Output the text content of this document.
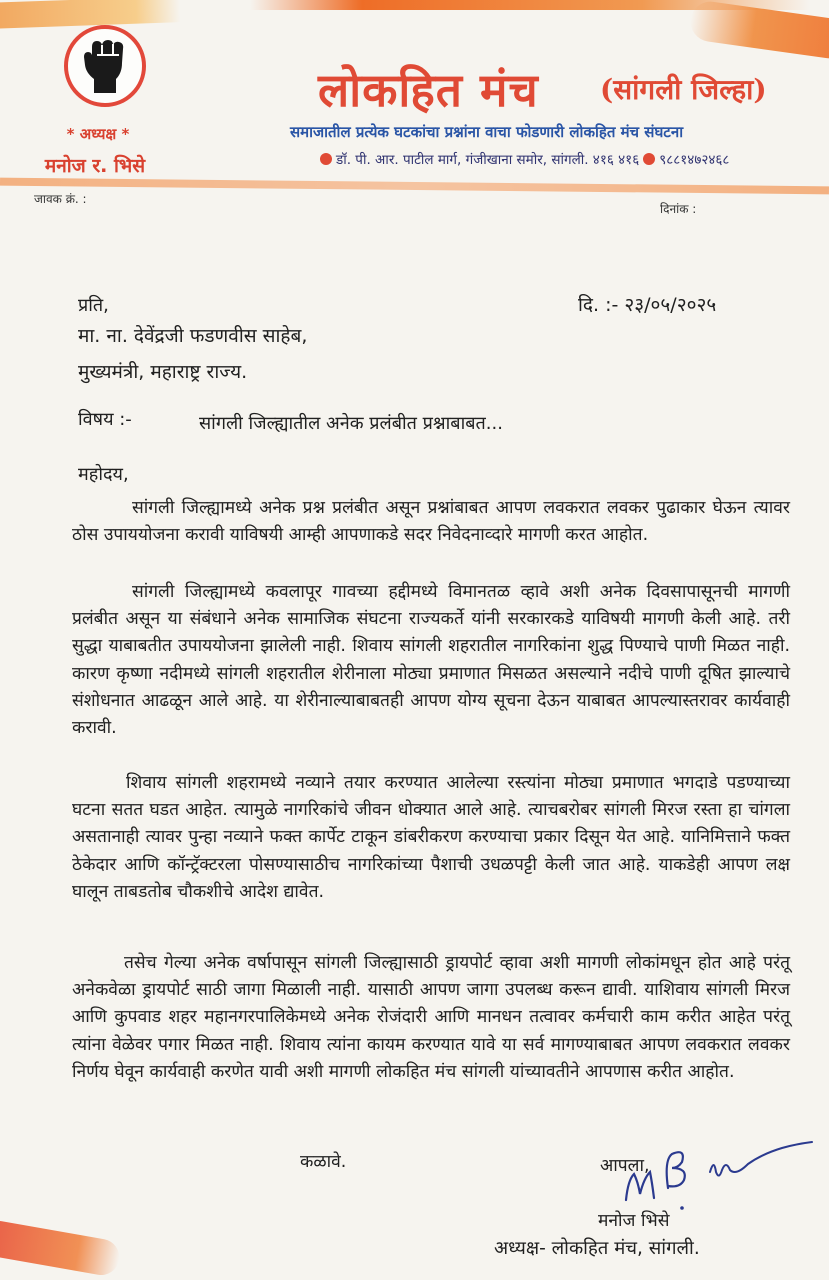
* अध्यक्ष *
मनोज र. भिसे
लोकहित मंच (सांगली जिल्हा)
समाजातील प्रत्येक घटकांचा प्रश्नांना वाचा फोडणारी लोकहित मंच संघटना
डॉ. पी. आर. पाटील मार्ग, गंजीखाना समोर, सांगली. ४१६ ४१६ ९८८१४७२४६८
जावक क्रं. :
दिनांक :
प्रति,	दि. :- २३/०५/२०२५
मा. ना. देवेंद्रजी फडणवीस साहेब,
मुख्यमंत्री, महाराष्ट्र राज्य.
विषय :-	सांगली जिल्ह्यातील अनेक प्रलंबीत प्रश्नाबाबत...
महोदय,
सांगली जिल्ह्यामध्ये अनेक प्रश्न प्रलंबीत असून प्रश्नांबाबत आपण लवकरात लवकर पुढाकार घेऊन त्यावर ठोस उपाययोजना करावी याविषयी आम्ही आपणाकडे सदर निवेदनाव्दारे मागणी करत आहोत.
सांगली जिल्ह्यामध्ये कवलापूर गावच्या हद्दीमध्ये विमानतळ व्हावे अशी अनेक दिवसापासूनची मागणी प्रलंबीत असून या संबंधाने अनेक सामाजिक संघटना राज्यकर्ते यांनी सरकारकडे याविषयी मागणी केली आहे. तरी सुद्धा याबाबतीत उपाययोजना झालेली नाही. शिवाय सांगली शहरातील नागरिकांना शुद्ध पिण्याचे पाणी मिळत नाही. कारण कृष्णा नदीमध्ये सांगली शहरातील शेरीनाला मोठ्या प्रमाणात मिसळत असल्याने नदीचे पाणी दूषित झाल्याचे संशोधनात आढळून आले आहे. या शेरीनाल्याबाबतही आपण योग्य सूचना देऊन याबाबत आपल्यास्तरावर कार्यवाही करावी.
शिवाय सांगली शहरामध्ये नव्याने तयार करण्यात आलेल्या रस्त्यांना मोठ्या प्रमाणात भगदाडे पडण्याच्या घटना सतत घडत आहेत. त्यामुळे नागरिकांचे जीवन धोक्यात आले आहे. त्याचबरोबर सांगली मिरज रस्ता हा चांगला असतानाही त्यावर पुन्हा नव्याने फक्त कार्पेट टाकून डांबरीकरण करण्याचा प्रकार दिसून येत आहे. यानिमित्ताने फक्त ठेकेदार आणि कॉन्ट्रॅक्टरला पोसण्यासाठीच नागरिकांच्या पैशाची उधळपट्टी केली जात आहे. याकडेही आपण लक्ष घालून ताबडतोब चौकशीचे आदेश द्यावेत.
तसेच गेल्या अनेक वर्षापासून सांगली जिल्ह्यासाठी ड्रायपोर्ट व्हावा अशी मागणी लोकांमधून होत आहे परंतू अनेकवेळा ड्रायपोर्ट साठी जागा मिळाली नाही. यासाठी आपण जागा उपलब्ध करून द्यावी. याशिवाय सांगली मिरज आणि कुपवाड शहर महानगरपालिकेमध्ये अनेक रोजंदारी आणि मानधन तत्वावर कर्मचारी काम करीत आहेत परंतू त्यांना वेळेवर पगार मिळत नाही. शिवाय त्यांना कायम करण्यात यावे या सर्व मागण्याबाबत आपण लवकरात लवकर निर्णय घेवून कार्यवाही करणेत यावी अशी मागणी लोकहित मंच सांगली यांच्यावतीने आपणास करीत आहोत.
कळावे.	आपला,
मनोज भिसे
अध्यक्ष- लोकहित मंच, सांगली.
